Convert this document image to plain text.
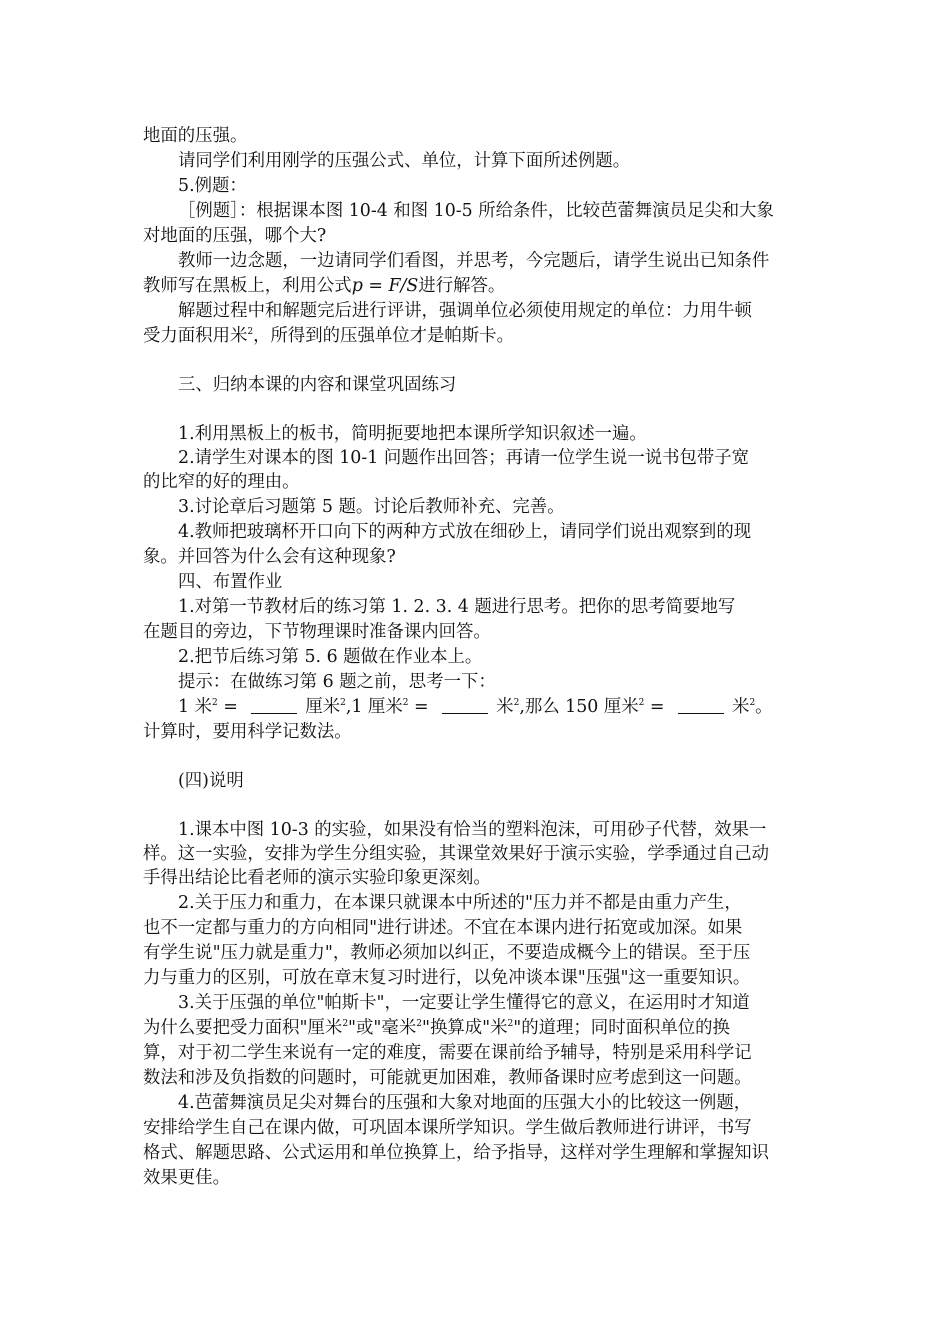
地面的压强。

请同学们利用刚学的压强公式、单位，计算下面所述例题。

5.例题：

［例题］：根据课本图 10-4 和图 10-5 所给条件，比较芭蕾舞演员足尖和大象

对地面的压强，哪个大?

教师一边念题，一边请同学们看图，并思考，今完题后，请学生说出已知条件

教师写在黑板上，利用公式p = F/S进行解答。

解题过程中和解题完后进行评讲，强调单位必须使用规定的单位：力用牛顿

受力面积用米$^2$，所得到的压强单位才是帕斯卡。

三、归纳本课的内容和课堂巩固练习

1.利用黑板上的板书，简明扼要地把本课所学知识叙述一遍。

2.请学生对课本的图 10-1 问题作出回答；再请一位学生说一说书包带子宽

的比窄的好的理由。

3.讨论章后习题第 5 题。讨论后教师补充、完善。

4.教师把玻璃杯开口向下的两种方式放在细砂上，请同学们说出观察到的现

象。并回答为什么会有这种现象?

四、布置作业

1.对第一节教材后的练习第 1. 2. 3. 4 题进行思考。把你的思考简要地写

在题目的旁边，下节物理课时准备课内回答。

2.把节后练习第 5. 6 题做在作业本上。

提示：在做练习第 6 题之前，思考一下：

1 米$^2$ =	厘米$^2$,1 厘米$^2$ =	米$^2$,那么 150 厘米$^2$ =	米$^2$。

计算时，要用科学记数法。

(四)说明

1.课本中图 10-3 的实验，如果没有恰当的塑料泡沫，可用砂子代替，效果一

样。这一实验，安排为学生分组实验，其课堂效果好于演示实验，学季通过自己动

手得出结论比看老师的演示实验印象更深刻。

2.关于压力和重力，在本课只就课本中所述的"压力并不都是由重力产生，

也不一定都与重力的方向相同"进行讲述。不宜在本课内进行拓宽或加深。如果

有学生说"压力就是重力"，教师必须加以纠正，不要造成概今上的错误。至于压

力与重力的区别，可放在章末复习时进行，以免冲谈本课"压强"这一重要知识。

3.关于压强的单位"帕斯卡"，一定要让学生懂得它的意义，在运用时才知道

为什么要把受力面积"厘米$^2$"或"毫米$^2$"换算成"米$^2$"的道理；同时面积单位的换

算，对于初二学生来说有一定的难度，需要在课前给予辅导，特别是采用科学记

数法和涉及负指数的问题时，可能就更加困难，教师备课时应考虑到这一问题。

4.芭蕾舞演员足尖对舞台的压强和大象对地面的压强大小的比较这一例题，

安排给学生自己在课内做，可巩固本课所学知识。学生做后教师进行讲评，书写

格式、解题思路、公式运用和单位换算上，给予指导，这样对学生理解和掌握知识

效果更佳。
